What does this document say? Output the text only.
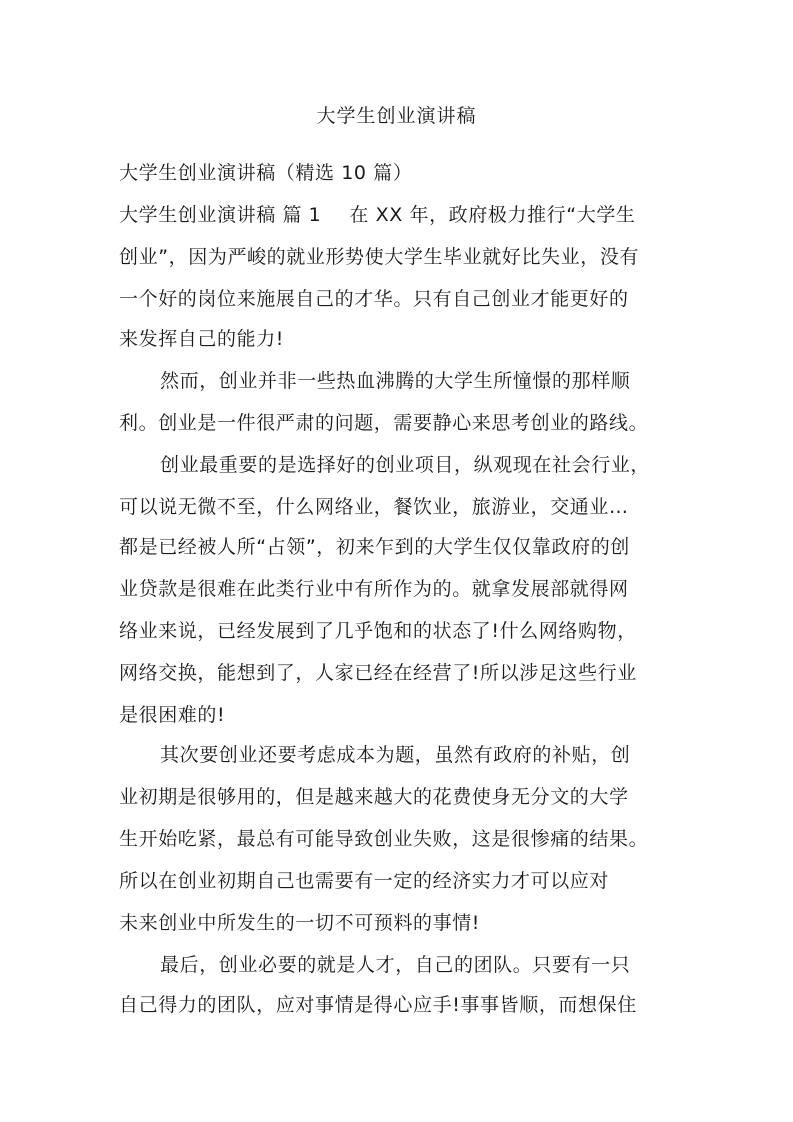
大学生创业演讲稿
大学生创业演讲稿（精选 10 篇）
大学生创业演讲稿 篇 1 在 XX 年，政府极力推行“大学生
创业”，因为严峻的就业形势使大学生毕业就好比失业，没有
一个好的岗位来施展自己的才华。只有自己创业才能更好的
来发挥自己的能力!
然而，创业并非一些热血沸腾的大学生所憧憬的那样顺
利。创业是一件很严肃的问题，需要静心来思考创业的路线。
创业最重要的是选择好的创业项目，纵观现在社会行业，
可以说无微不至，什么网络业，餐饮业，旅游业，交通业…
都是已经被人所“占领”，初来乍到的大学生仅仅靠政府的创
业贷款是很难在此类行业中有所作为的。就拿发展部就得网
络业来说，已经发展到了几乎饱和的状态了!什么网络购物，
网络交换，能想到了，人家已经在经营了!所以涉足这些行业
是很困难的!
其次要创业还要考虑成本为题，虽然有政府的补贴，创
业初期是很够用的，但是越来越大的花费使身无分文的大学
生开始吃紧，最总有可能导致创业失败，这是很惨痛的结果。
所以在创业初期自己也需要有一定的经济实力才可以应对
未来创业中所发生的一切不可预料的事情!
最后，创业必要的就是人才，自己的团队。只要有一只
自己得力的团队，应对事情是得心应手!事事皆顺，而想保住
